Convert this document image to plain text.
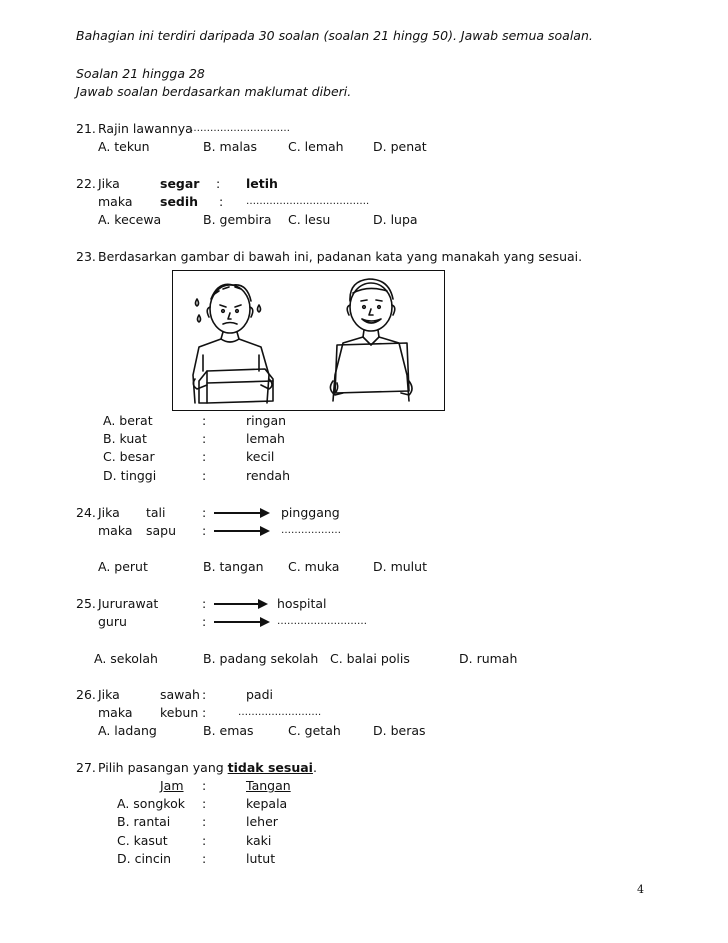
Bahagian ini terdiri daripada 30 soalan (soalan 21 hingg 50). Jawab semua soalan.
Soalan 21 hingga 28
Jawab soalan berdasarkan maklumat diberi.
21. Rajin lawannya
…………………………
A. tekun	B. malas C. lemah D. penat
22. Jika	segar : letih
maka sedih : ……………………………….
A. kecewa	B. gembira C. lesu	D. lupa
23. Berdasarkan gambar di bawah ini, padanan kata yang manakah yang sesuai.
A. berat	:	ringan
B. kuat	:	lemah
C. besar	:	kecil
D. tinggi	:	rendah
24. Jika tali	:	pinggang
maka sapu :	………………
A. perut	B. tangan C. muka	D. mulut
25. Jururawat	:	hospital
guru	:	………………………
A. sekolah	B. padang sekolah C. balai polis	D. rumah
26. Jika	sawah :	padi
maka kebun :	…………………….
A. ladang	B. emas	C. getah	D. beras
27. Pilih pasangan yang tidak sesuai.
Jam :	Tangan
A. songkok :	kepala
B. rantai	:	leher
C. kasut	:	kaki
D. cincin :	lutut
4
